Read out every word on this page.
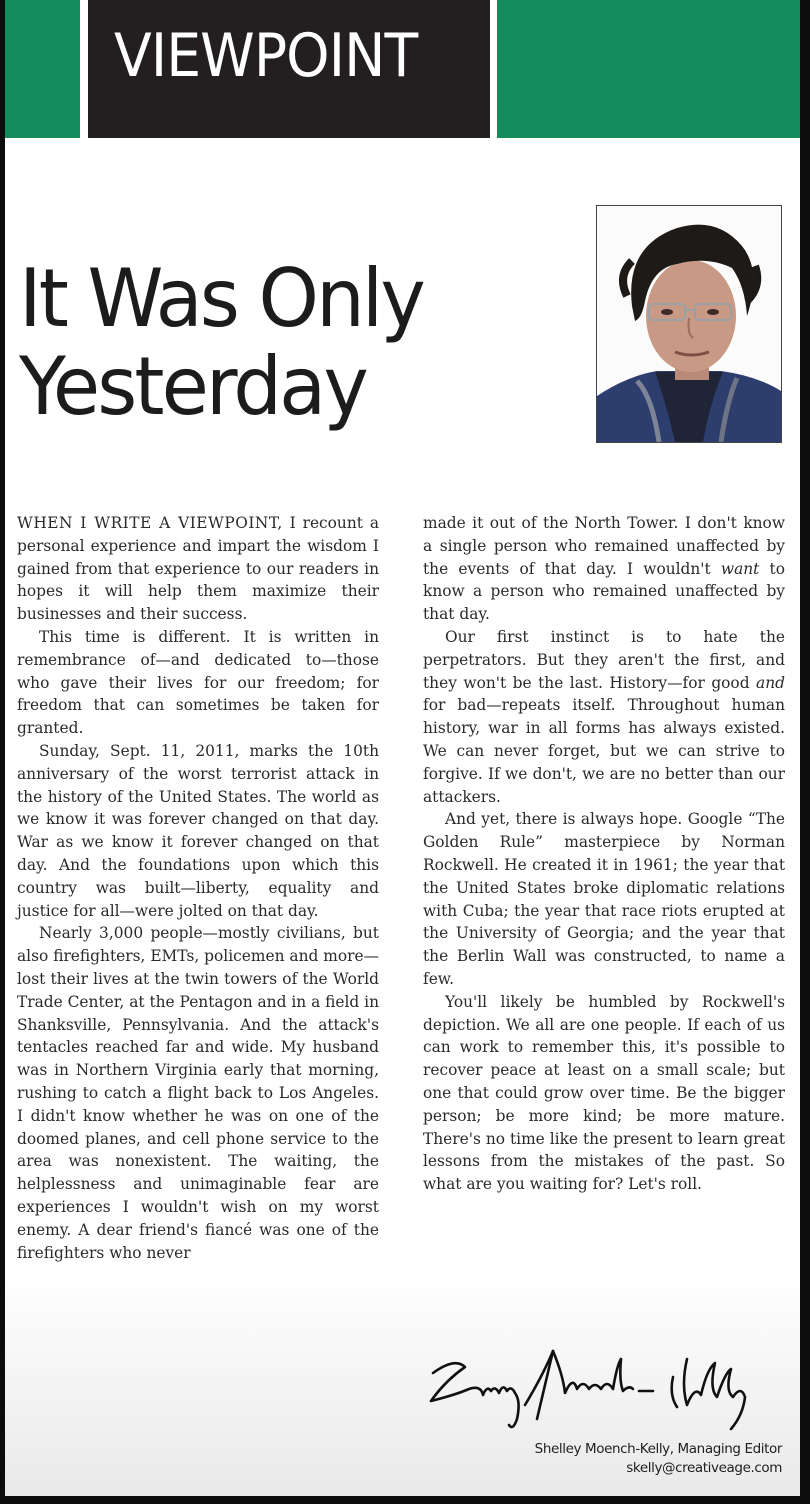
VIEWPOINT
It Was Only
Yesterday

WHEN I WRITE A VIEWPOINT, I recount a personal experience and impart the wisdom I gained from that experience to our readers in hopes it will help them maximize their businesses and their success.

This time is different. It is written in remembrance of—and dedicated to—those who gave their lives for our freedom; for freedom that can sometimes be taken for granted.

Sunday, Sept. 11, 2011, marks the 10th anniversary of the worst terrorist attack in the history of the United States. The world as we know it was forever changed on that day. War as we know it forever changed on that day. And the foundations upon which this country was built—liberty, equality and justice for all—were jolted on that day.

Nearly 3,000 people—mostly civilians, but also firefighters, EMTs, policemen and more—lost their lives at the twin towers of the World Trade Center, at the Pentagon and in a field in Shanksville, Pennsylvania. And the attack's tentacles reached far and wide. My husband was in Northern Virginia early that morning, rushing to catch a flight back to Los Angeles. I didn't know whether he was on one of the doomed planes, and cell phone service to the area was nonexistent. The waiting, the helplessness and unimaginable fear are experiences I wouldn't wish on my worst enemy. A dear friend's fiancé was one of the firefighters who never

made it out of the North Tower. I don't know a single person who remained unaffected by the events of that day. I wouldn't want to know a person who remained unaffected by that day.

Our first instinct is to hate the perpetrators. But they aren't the first, and they won't be the last. History—for good and for bad—repeats itself. Throughout human history, war in all forms has always existed. We can never forget, but we can strive to forgive. If we don't, we are no better than our attackers.

And yet, there is always hope. Google “The Golden Rule” masterpiece by Norman Rockwell. He created it in 1961; the year that the United States broke diplomatic relations with Cuba; the year that race riots erupted at the University of Georgia; and the year that the Berlin Wall was constructed, to name a few.

You'll likely be humbled by Rockwell's depiction. We all are one people. If each of us can work to remember this, it's possible to recover peace at least on a small scale; but one that could grow over time. Be the bigger person; be more kind; be more mature. There's no time like the present to learn great lessons from the mistakes of the past. So what are you waiting for? Let's roll.

Shelley Moench-Kelly, Managing Editor
skelly@creativeage.com
